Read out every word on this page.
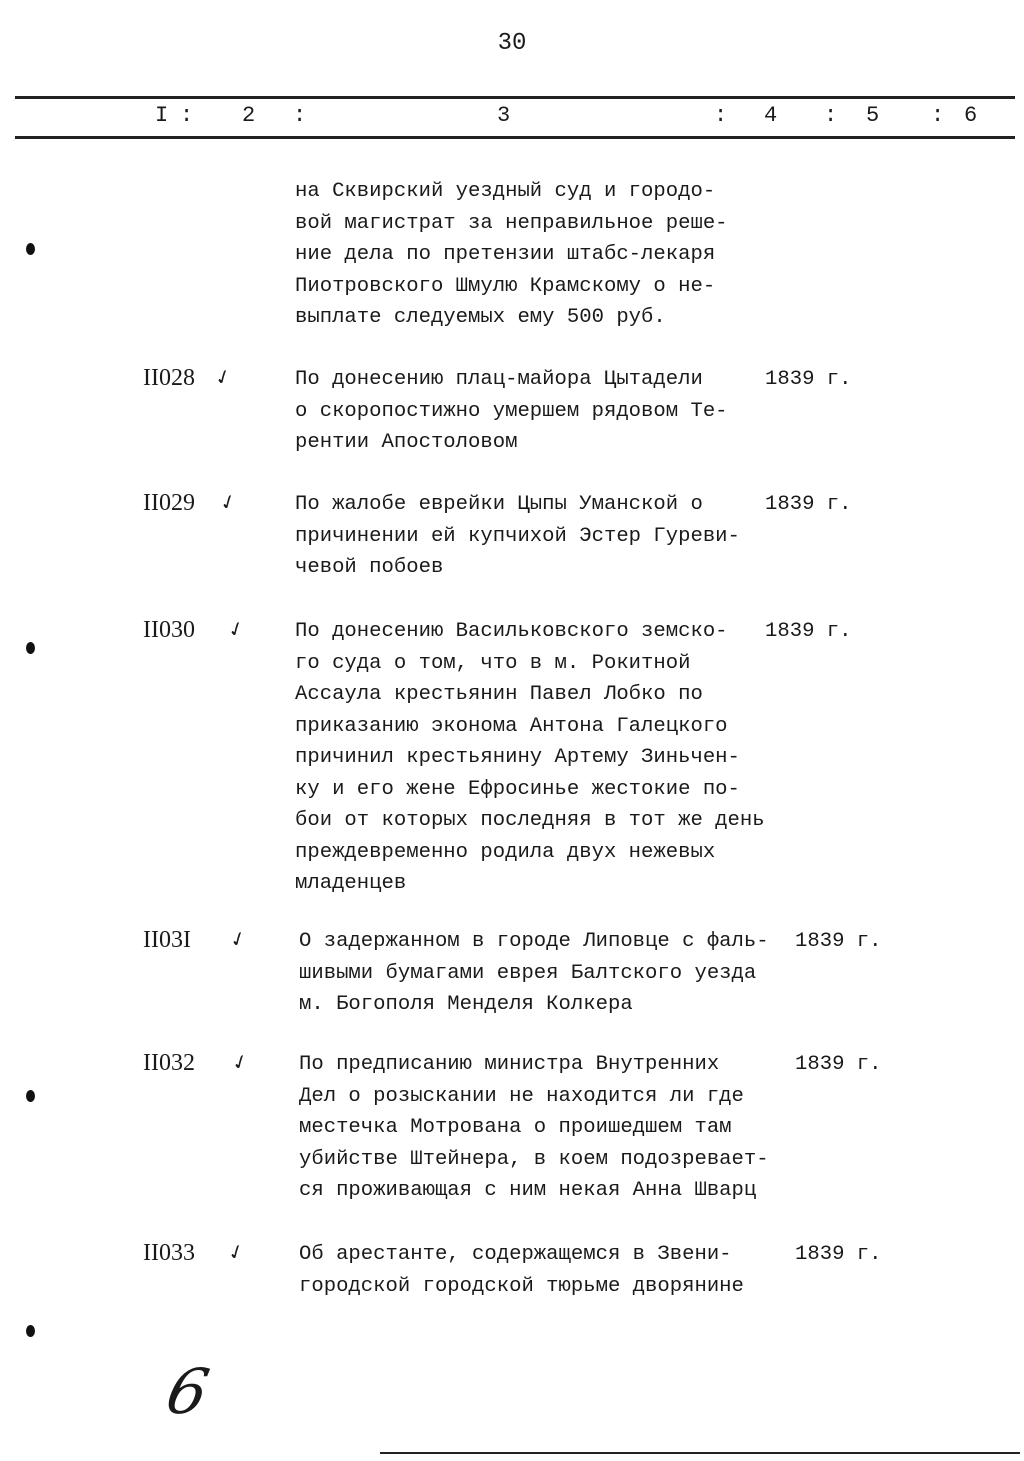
30
I : 2 :	3	: 4 : 5 : 6
на Сквирский уездный суд и городо-
вой магистрат за неправильное реше-
ние дела по претензии штабс-лекаря
Пиотровского Шмулю Крамскому о не-
выплате следуемых ему 500 руб.
II028 ✓	По донесению плац-майора Цытадели
о скоропостижно умершем рядовом Те-
рентии Апостоловом
1839 г.
II029 ✓	По жалобе еврейки Цыпы Уманской о
причинении ей купчихой Эстер Гуреви-
чевой побоев
1839 г.
II030 ✓ По донесению Васильковского земско-
го суда о том, что в м. Рокитной
Ассаула крестьянин Павел Лобко по
приказанию эконома Антона Галецкого
причинил крестьянину Артему Зиньчен-
ку и его жене Ефросинье жестокие по-
бои от которых последняя в тот же день
преждевременно родила двух нежевых
младенцев
1839 г.
II03I ✓ О задержанном в городе Липовце с фаль-
шивыми бумагами еврея Балтского уезда
м. Богополя Менделя Колкера
1839 г.
II032 ✓ По предписанию министра Внутренних
Дел о розыскании не находится ли где
местечка Мотрована о проишедшем там
убийстве Штейнера, в коем подозревает-
ся проживающая с ним некая Анна Шварц
1839 г.
II033 ✓ Об арестанте, содержащемся в Звени-
городской городской тюрьме дворянине
1839 г.
6
